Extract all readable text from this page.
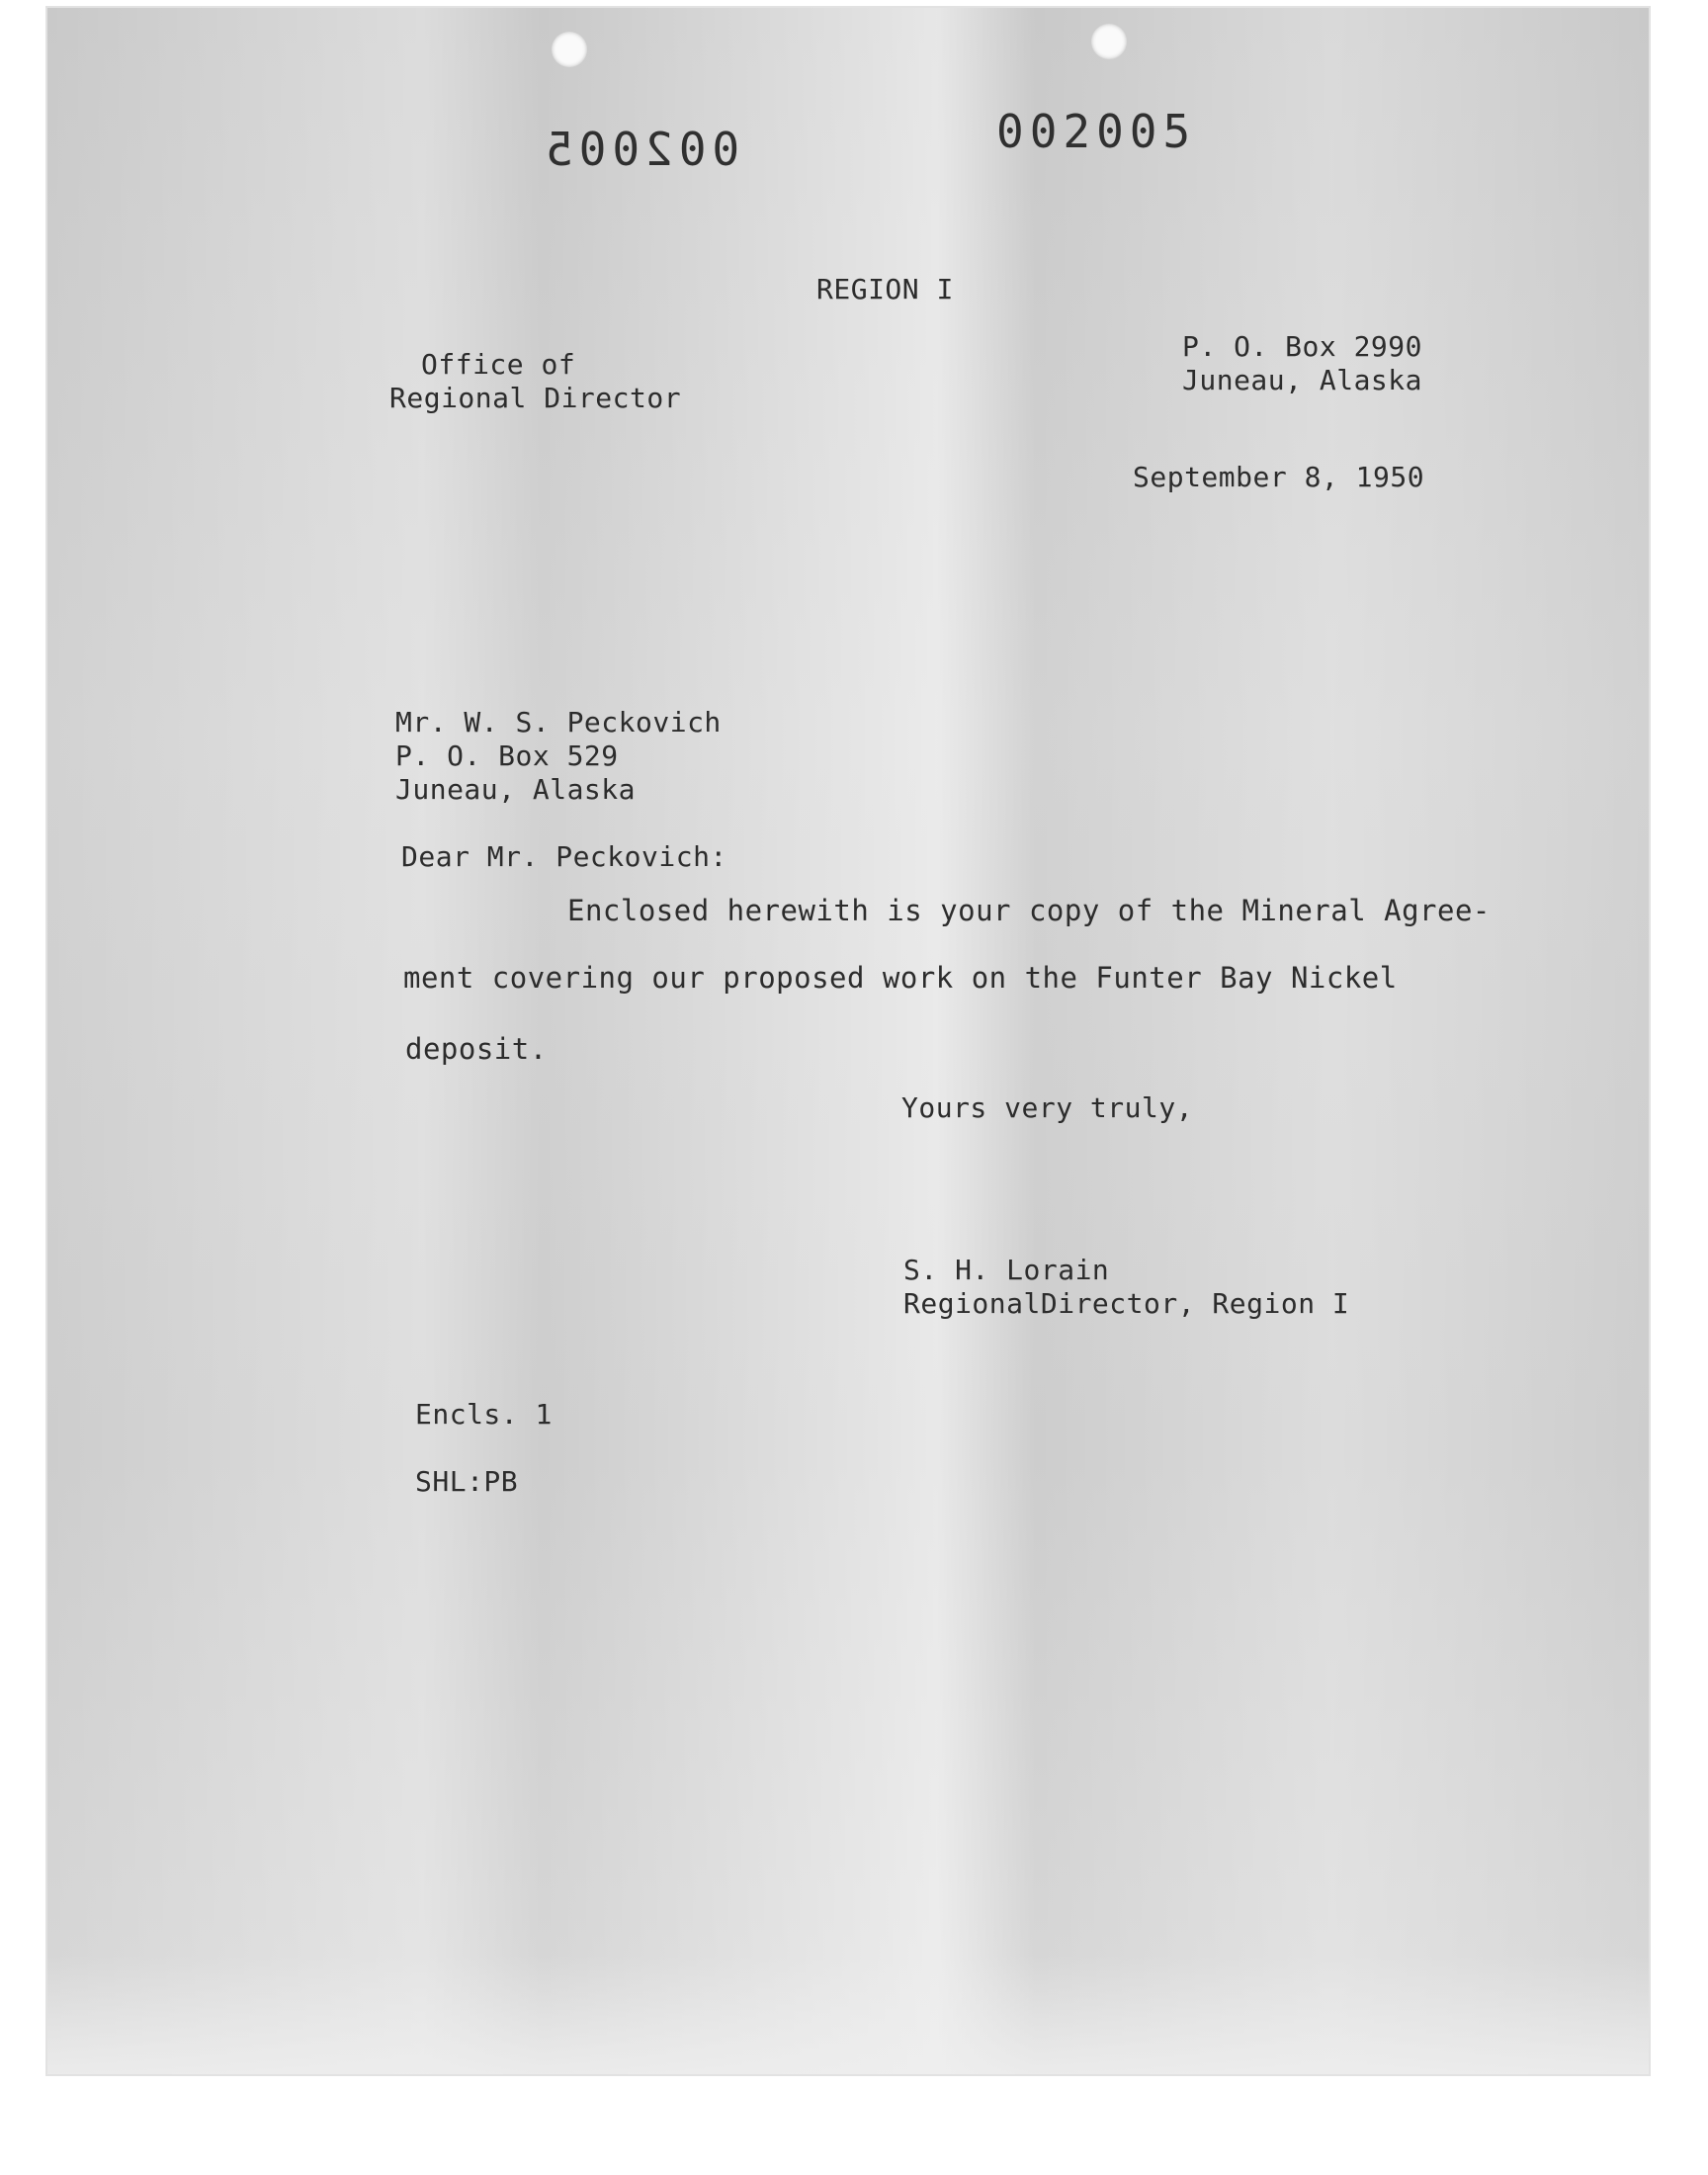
002005	002005
REGION I
Office of
Regional Director
P. O. Box 2990
Juneau, Alaska
September 8, 1950
Mr. W. S. Peckovich
P. O. Box 529
Juneau, Alaska
Dear Mr. Peckovich:
Enclosed herewith is your copy of the Mineral Agree-
ment covering our proposed work on the Funter Bay Nickel
deposit.
Yours very truly,
S. H. Lorain
RegionalDirector, Region I
Encls. 1
SHL:PB
